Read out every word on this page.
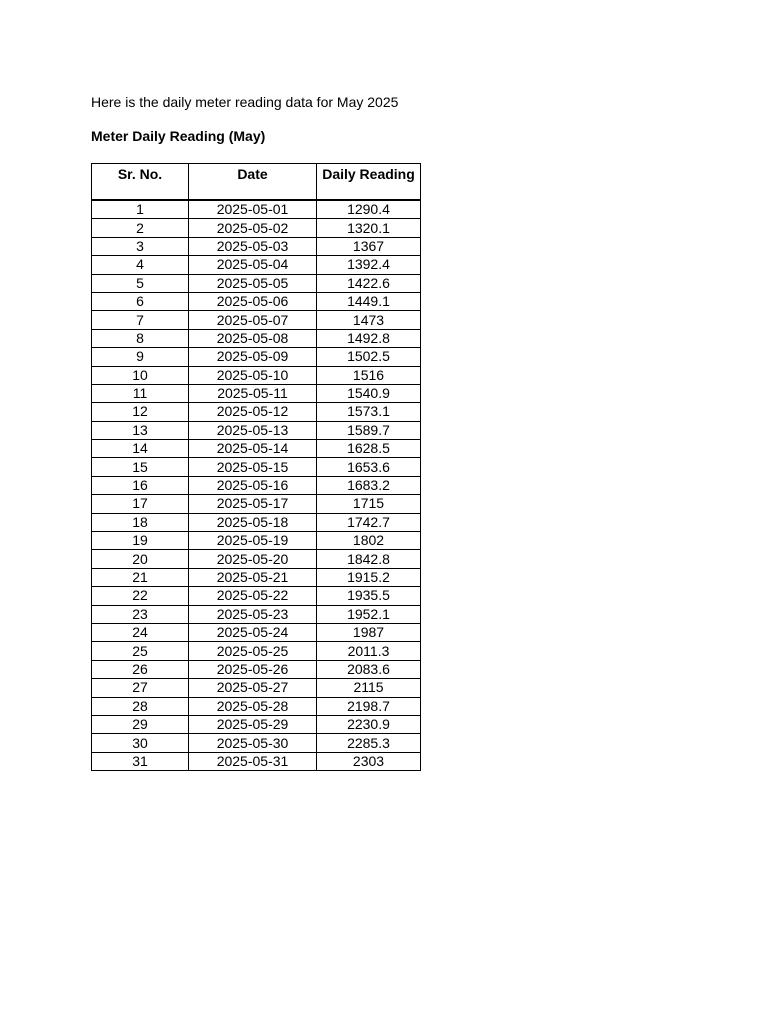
Here is the daily meter reading data for May 2025

Meter Daily Reading (May)

Sr. No.	Date	Daily Reading
1	2025-05-01	1290.4
2	2025-05-02	1320.1
3	2025-05-03	1367
4	2025-05-04	1392.4
5	2025-05-05	1422.6
6	2025-05-06	1449.1
7	2025-05-07	1473
8	2025-05-08	1492.8
9	2025-05-09	1502.5
10	2025-05-10	1516
11	2025-05-11	1540.9
12	2025-05-12	1573.1
13	2025-05-13	1589.7
14	2025-05-14	1628.5
15	2025-05-15	1653.6
16	2025-05-16	1683.2
17	2025-05-17	1715
18	2025-05-18	1742.7
19	2025-05-19	1802
20	2025-05-20	1842.8
21	2025-05-21	1915.2
22	2025-05-22	1935.5
23	2025-05-23	1952.1
24	2025-05-24	1987
25	2025-05-25	2011.3
26	2025-05-26	2083.6
27	2025-05-27	2115
28	2025-05-28	2198.7
29	2025-05-29	2230.9
30	2025-05-30	2285.3
31	2025-05-31	2303
